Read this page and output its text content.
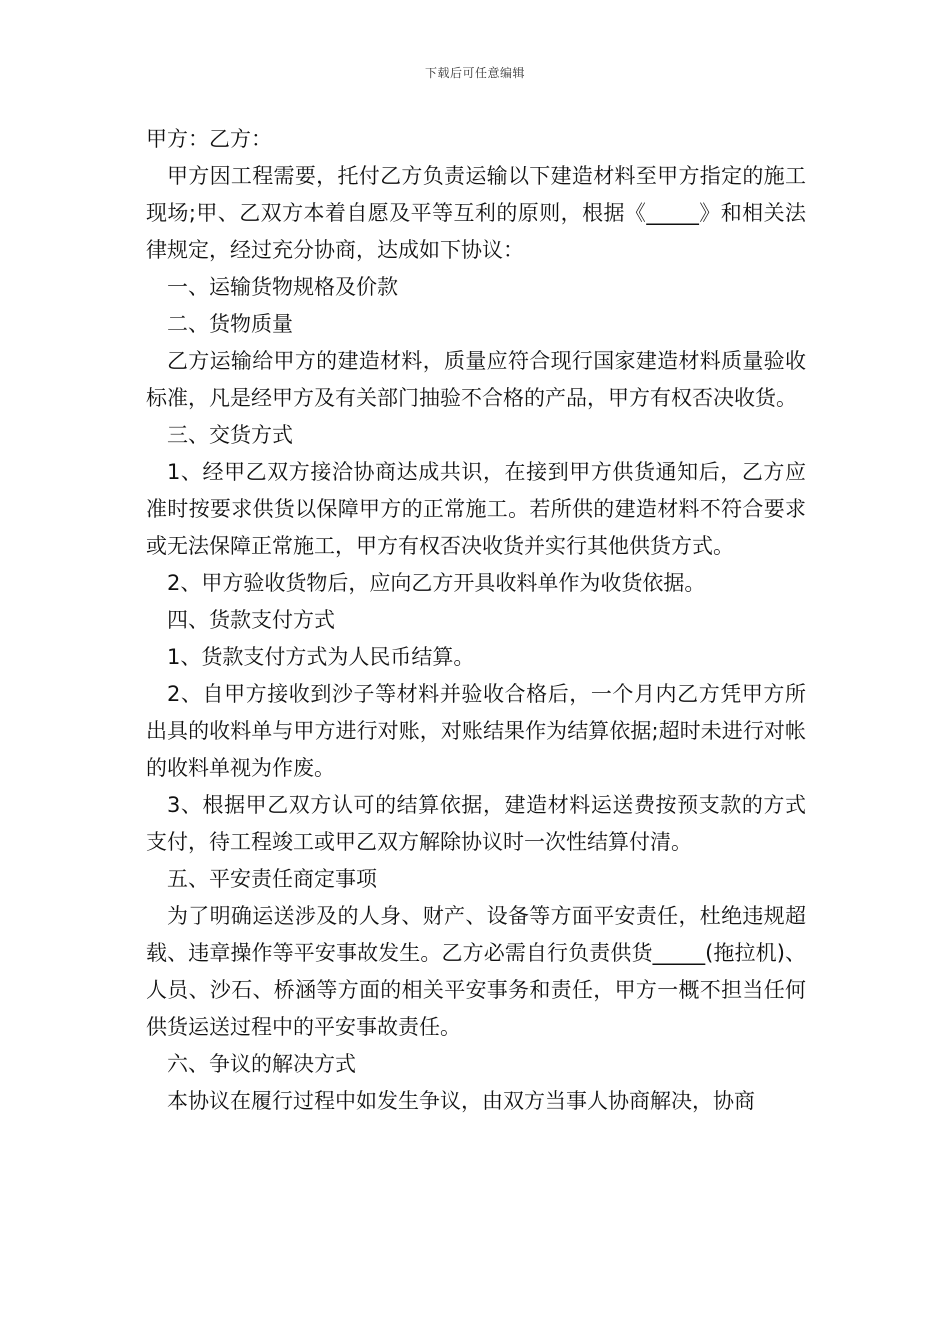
下载后可任意编辑

甲方：乙方：

甲方因工程需要，托付乙方负责运输以下建造材料至甲方指定的施工现场;甲、乙双方本着自愿及平等互利的原则，根据《_____》和相关法律规定，经过充分协商，达成如下协议：

一、运输货物规格及价款

二、货物质量

乙方运输给甲方的建造材料，质量应符合现行国家建造材料质量验收标准，凡是经甲方及有关部门抽验不合格的产品，甲方有权否决收货。

三、交货方式

1、经甲乙双方接洽协商达成共识，在接到甲方供货通知后，乙方应准时按要求供货以保障甲方的正常施工。若所供的建造材料不符合要求或无法保障正常施工，甲方有权否决收货并实行其他供货方式。

2、甲方验收货物后，应向乙方开具收料单作为收货依据。

四、货款支付方式

1、货款支付方式为人民币结算。

2、自甲方接收到沙子等材料并验收合格后，一个月内乙方凭甲方所出具的收料单与甲方进行对账，对账结果作为结算依据;超时未进行对帐的收料单视为作废。

3、根据甲乙双方认可的结算依据，建造材料运送费按预支款的方式支付，待工程竣工或甲乙双方解除协议时一次性结算付清。

五、平安责任商定事项

为了明确运送涉及的人身、财产、设备等方面平安责任，杜绝违规超载、违章操作等平安事故发生。乙方必需自行负责供货_____(拖拉机)、人员、沙石、桥涵等方面的相关平安事务和责任，甲方一概不担当任何供货运送过程中的平安事故责任。

六、争议的解决方式

本协议在履行过程中如发生争议，由双方当事人协商解决，协商
